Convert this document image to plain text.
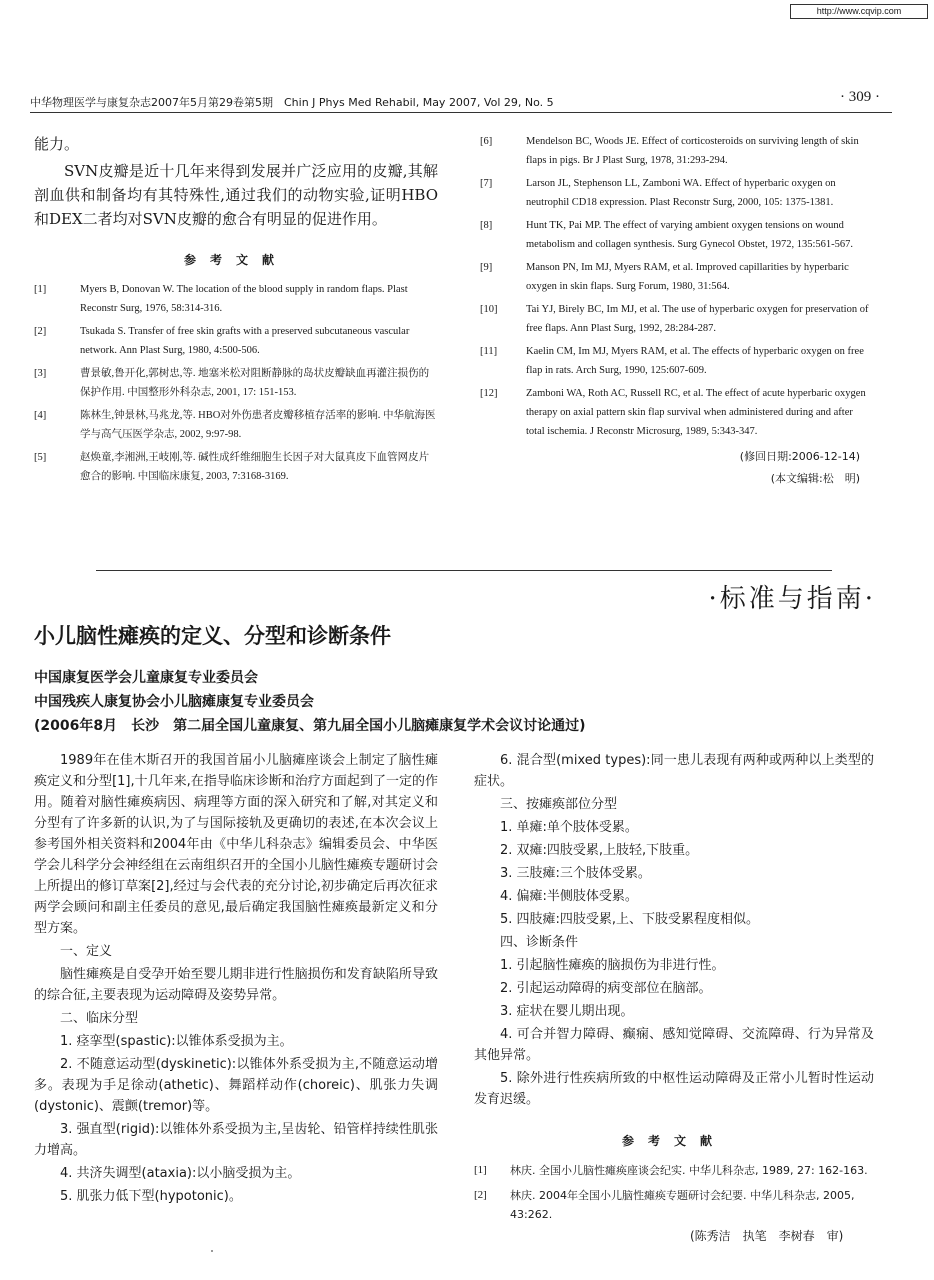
http://www.cqvip.com
中华物理医学与康复杂志2007年5月第29卷第5期　Chin J Phys Med Rehabil, May 2007, Vol 29, No. 5	· 309 ·

能力。

SVN皮瓣是近十几年来得到发展并广泛应用的皮瓣,其解剖血供和制备均有其特殊性,通过我们的动物实验,证明HBO和DEX二者均对SVN皮瓣的愈合有明显的促进作用。

参考文献

[1]	Myers B, Donovan W. The location of the blood supply in random flaps. Plast Reconstr Surg, 1976, 58:314-316.
[2]	Tsukada S. Transfer of free skin grafts with a preserved subcutaneous vascular network. Ann Plast Surg, 1980, 4:500-506.
[3]	曹景敏,鲁开化,郭树忠,等. 地塞米松对阻断静脉的岛状皮瓣缺血再灌注损伤的保护作用. 中国整形外科杂志, 2001, 17: 151-153.
[4]	陈林生,钟景林,马兆龙,等. HBO对外伤患者皮瓣移植存活率的影响. 中华航海医学与高气压医学杂志, 2002, 9:97-98.
[5]	赵焕童,李湘洲,王岐刚,等. 碱性成纤维细胞生长因子对大鼠真皮下血管网皮片愈合的影响. 中国临床康复, 2003, 7:3168-3169.
[6]	Mendelson BC, Woods JE. Effect of corticosteroids on surviving length of skin flaps in pigs. Br J Plast Surg, 1978, 31:293-294.
[7]	Larson JL, Stephenson LL, Zamboni WA. Effect of hyperbaric oxygen on neutrophil CD18 expression. Plast Reconstr Surg, 2000, 105: 1375-1381.
[8]	Hunt TK, Pai MP. The effect of varying ambient oxygen tensions on wound metabolism and collagen synthesis. Surg Gynecol Obstet, 1972, 135:561-567.
[9]	Manson PN, Im MJ, Myers RAM, et al. Improved capillarities by hyperbaric oxygen in skin flaps. Surg Forum, 1980, 31:564.
[10]	Tai YJ, Birely BC, Im MJ, et al. The use of hyperbaric oxygen for preservation of free flaps. Ann Plast Surg, 1992, 28:284-287.
[11]	Kaelin CM, Im MJ, Myers RAM, et al. The effects of hyperbaric oxygen on free flap in rats. Arch Surg, 1990, 125:607-609.
[12]	Zamboni WA, Roth AC, Russell RC, et al. The effect of acute hyperbaric oxygen therapy on axial pattern skin flap survival when administered during and after total ischemia. J Reconstr Microsurg, 1989, 5:343-347.
(修回日期:2006-12-14)
(本文编辑:松　明)
·标准与指南·
小儿脑性瘫痪的定义、分型和诊断条件
中国康复医学会儿童康复专业委员会
中国残疾人康复协会小儿脑瘫康复专业委员会
(2006年8月　长沙　第二届全国儿童康复、第九届全国小儿脑瘫康复学术会议讨论通过)

1989年在佳木斯召开的我国首届小儿脑瘫座谈会上制定了脑性瘫痪定义和分型[1],十几年来,在指导临床诊断和治疗方面起到了一定的作用。随着对脑性瘫痪病因、病理等方面的深入研究和了解,对其定义和分型有了许多新的认识,为了与国际接轨及更确切的表述,在本次会议上参考国外相关资料和2004年由《中华儿科杂志》编辑委员会、中华医学会儿科学分会神经组在云南组织召开的全国小儿脑性瘫痪专题研讨会上所提出的修订草案[2],经过与会代表的充分讨论,初步确定后再次征求两学会顾问和副主任委员的意见,最后确定我国脑性瘫痪最新定义和分型方案。

一、定义

脑性瘫痪是自受孕开始至婴儿期非进行性脑损伤和发育缺陷所导致的综合征,主要表现为运动障碍及姿势异常。

二、临床分型

1. 痉挛型(spastic):以锥体系受损为主。

2. 不随意运动型(dyskinetic):以锥体外系受损为主,不随意运动增多。表现为手足徐动(athetic)、舞蹈样动作(choreic)、肌张力失调(dystonic)、震颤(tremor)等。

3. 强直型(rigid):以锥体外系受损为主,呈齿轮、铅管样持续性肌张力增高。

4. 共济失调型(ataxia):以小脑受损为主。

5. 肌张力低下型(hypotonic)。

6. 混合型(mixed types):同一患儿表现有两种或两种以上类型的症状。

三、按瘫痪部位分型

1. 单瘫:单个肢体受累。

2. 双瘫:四肢受累,上肢轻,下肢重。

3. 三肢瘫:三个肢体受累。

4. 偏瘫:半侧肢体受累。

5. 四肢瘫:四肢受累,上、下肢受累程度相似。

四、诊断条件

1. 引起脑性瘫痪的脑损伤为非进行性。

2. 引起运动障碍的病变部位在脑部。

3. 症状在婴儿期出现。

4. 可合并智力障碍、癫痫、感知觉障碍、交流障碍、行为异常及其他异常。

5. 除外进行性疾病所致的中枢性运动障碍及正常小儿暂时性运动发育迟缓。

参考文献

[1] 林庆. 全国小儿脑性瘫痪座谈会纪实. 中华儿科杂志, 1989, 27: 162-163.
[2] 林庆. 2004年全国小儿脑性瘫痪专题研讨会纪要. 中华儿科杂志, 2005, 43:262.
(陈秀洁　执笔　李树春　审)
